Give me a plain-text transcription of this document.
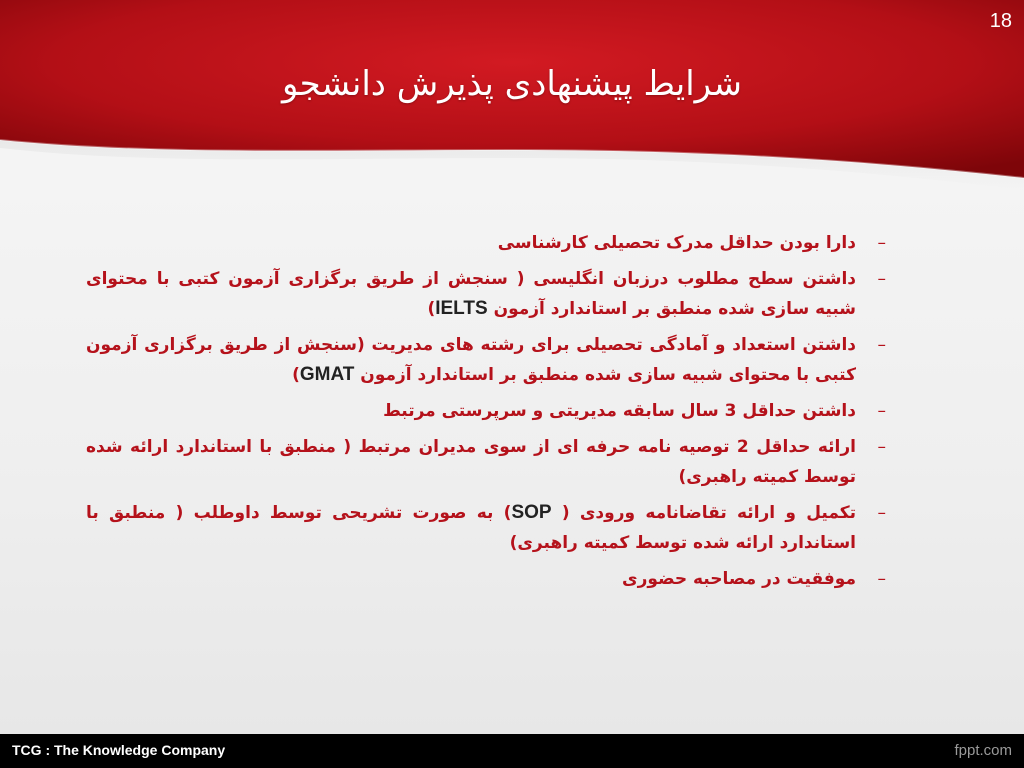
18
شرایط پیشنهادی پذیرش دانشجو
–
دارا بودن حداقل مدرک تحصیلی کارشناسی
–
داشتن سطح مطلوب درزبان انگلیسی ( سنجش از طریق برگزاری آزمون کتبی با محتوای شبیه سازی شده منطبق بر استاندارد آزمون IELTS)
–
داشتن استعداد و آمادگی تحصیلی برای رشته های مدیریت (سنجش از طریق برگزاری آزمون کتبی با محتوای شبیه سازی شده منطبق بر استاندارد آزمون GMAT)
–
داشتن حداقل 3 سال سابقه مدیریتی و سرپرستی مرتبط
–
ارائه حداقل 2 توصیه نامه حرفه ای از سوی مدیران مرتبط ( منطبق با استاندارد ارائه شده توسط کمیته راهبری)
–
تکمیل و ارائه تقاضانامه ورودی ( SOP) به صورت تشریحی توسط داوطلب ( منطبق با استاندارد ارائه شده توسط کمیته راهبری)
–
موفقیت در مصاحبه حضوری
TCG : The Knowledge Company	fppt.com
